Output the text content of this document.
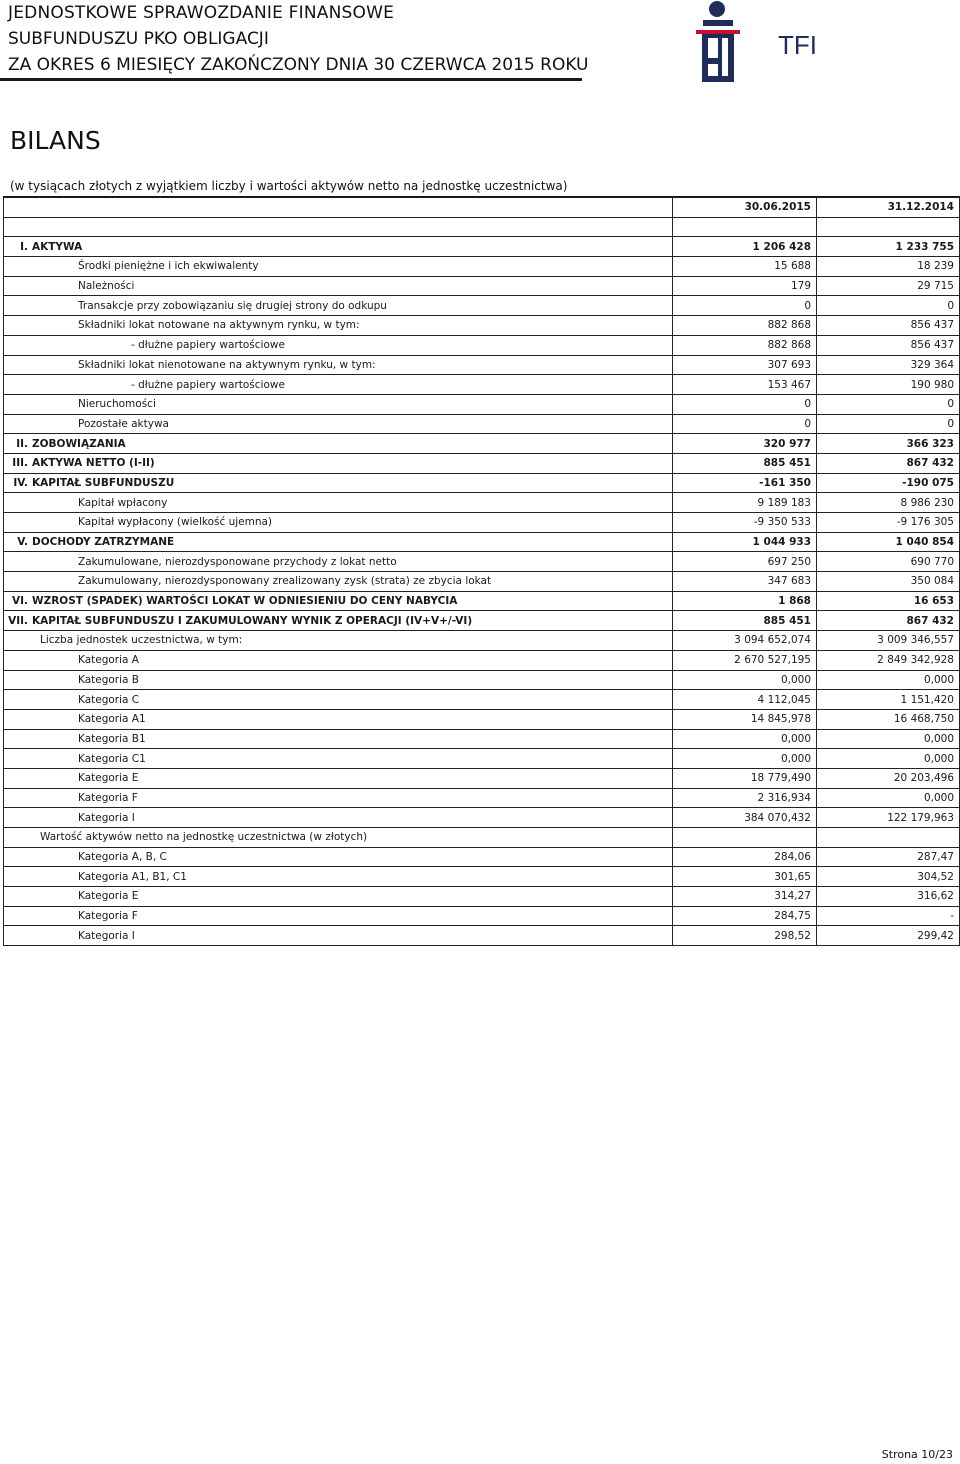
JEDNOSTKOWE SPRAWOZDANIE FINANSOWE
SUBFUNDUSZU PKO OBLIGACJI
ZA OKRES 6 MIESIĘCY ZAKOŃCZONY DNIA 30 CZERWCA 2015 ROKU
TFI
BILANS
(w tysiącach złotych z wyjątkiem liczby i wartości aktywów netto na jednostkę uczestnictwa)
	30.06.2015	31.12.2014

I. AKTYWA	1 206 428	1 233 755
Środki pieniężne i ich ekwiwalenty	15 688	18 239
Należności	179	29 715
Transakcje przy zobowiązaniu się drugiej strony do odkupu	0	0
Składniki lokat notowane na aktywnym rynku, w tym:	882 868	856 437
- dłużne papiery wartościowe	882 868	856 437
Składniki lokat nienotowane na aktywnym rynku, w tym:	307 693	329 364
- dłużne papiery wartościowe	153 467	190 980
Nieruchomości	0	0
Pozostałe aktywa	0	0
II. ZOBOWIĄZANIA	320 977	366 323
III. AKTYWA NETTO (I-II)	885 451	867 432
IV. KAPITAŁ SUBFUNDUSZU	-161 350	-190 075
Kapitał wpłacony	9 189 183	8 986 230
Kapitał wypłacony (wielkość ujemna)	-9 350 533	-9 176 305
V. DOCHODY ZATRZYMANE	1 044 933	1 040 854
Zakumulowane, nierozdysponowane przychody z lokat netto	697 250	690 770
Zakumulowany, nierozdysponowany zrealizowany zysk (strata) ze zbycia lokat	347 683	350 084
VI. WZROST (SPADEK) WARTOŚCI LOKAT W ODNIESIENIU DO CENY NABYCIA	1 868	16 653
VII. KAPITAŁ SUBFUNDUSZU I ZAKUMULOWANY WYNIK Z OPERACJI (IV+V+/-VI)	885 451	867 432
Liczba jednostek uczestnictwa, w tym:	3 094 652,074	3 009 346,557
Kategoria A	2 670 527,195	2 849 342,928
Kategoria B	0,000	0,000
Kategoria C	4 112,045	1 151,420
Kategoria A1	14 845,978	16 468,750
Kategoria B1	0,000	0,000
Kategoria C1	0,000	0,000
Kategoria E	18 779,490	20 203,496
Kategoria F	2 316,934	0,000
Kategoria I	384 070,432	122 179,963
Wartość aktywów netto na jednostkę uczestnictwa (w złotych)		
Kategoria A, B, C	284,06	287,47
Kategoria A1, B1, C1	301,65	304,52
Kategoria E	314,27	316,62
Kategoria F	284,75	-
Kategoria I	298,52	299,42
Strona 10/23
